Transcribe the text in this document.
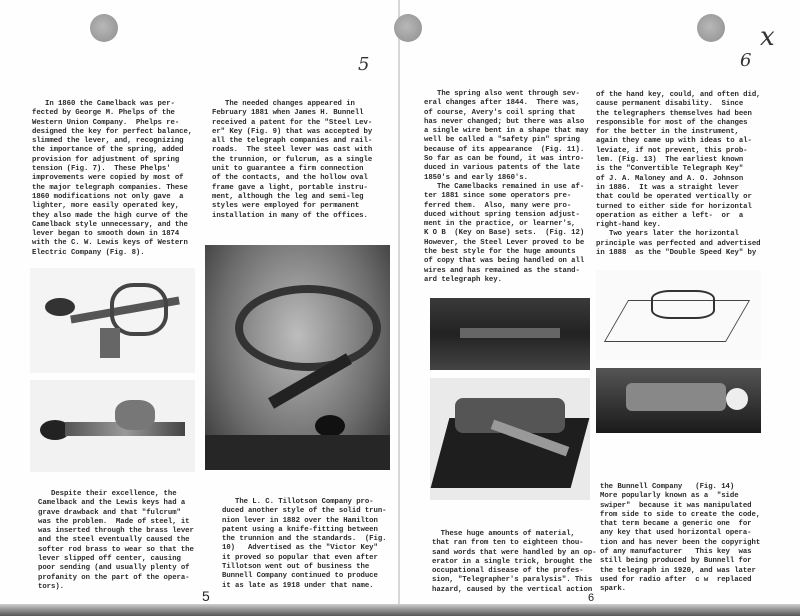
5	6
x
In 1860 the Camelback was per-
fected by George M. Phelps of the
Western Union Company.  Phelps re-
designed the key for perfect balance,
slimmed the lever, and, recognizing
the importance of the spring, added
provision for adjustment of spring
tension (Fig. 7).  These Phelps'
improvements were copied by most of
the major telegraph companies. These
1860 modifications not only gave  a
lighter, more easily operated key,
they also made the high curve of the
Camelback style unnecessary, and the
lever began to smooth down in 1874
with the C. W. Lewis keys of Western
Electric Company (Fig. 8).
The needed changes appeared in
February 1881 when James H. Bunnell
received a patent for the "Steel Lev-
er" Key (Fig. 9) that was accepted by
all the telegraph companies and rail-
roads.  The steel lever was cast with
the trunnion, or fulcrum, as a single
unit to guarantee a firm connection
of the contacts, and the hollow oval
frame gave a light, portable instru-
ment, although the leg and semi-leg
styles were employed for permanent
installation in many of the offices.
Despite their excellence, the
Camelback and the Lewis keys had a
grave drawback and that "fulcrum"
was the problem.  Made of steel, it
was inserted through the brass lever
and the steel eventually caused the
softer rod brass to wear so that the
lever slipped off center, causing
poor sending (and usually plenty of
profanity on the part of the opera-
tors).
The L. C. Tillotson Company pro-
duced another style of the solid trun-
nion lever in 1882 over the Hamilton
patent using a knife-fitting between
the trunnion and the standards.  (Fig.
10)   Advertised as the "Victor Key"
it proved so popular that even after
Tillotson went out of business the
Bunnell Company continued to produce
it as late as 1918 under that name.
The spring also went through sev-
eral changes after 1844.  There was,
of course, Avery's coil spring that
has never changed; but there was also
a single wire bent in a shape that may
well be called a "safety pin" spring
because of its appearance  (Fig. 11).
So far as can be found, it was intro-
duced in various patents of the late
1850's and early 1860's.
The Camelbacks remained in use af-
ter 1881 since some operators pre-
ferred them.  Also, many were pro-
duced without spring tension adjust-
ment in the practice, or learner's,
K O B  (Key on Base) sets.  (Fig. 12)
However, the Steel Lever proved to be
the best style for the huge amounts
of copy that was being handled on all
wires and has remained as the stand-
ard telegraph key.
of the hand key, could, and often did,
cause permanent disability.  Since
the telegraphers themselves had been
responsible for most of the changes
for the better in the instrument,
again they came up with ideas to al-
leviate, if not prevent, this prob-
lem. (Fig. 13)  The earliest known
is the "Convertible Telegraph Key"
of J. A. Maloney and A. O. Johnson
in 1886.  It was a straight lever
that could be operated vertically or
turned to either side for horizontal
operation as either a left-  or  a
right-hand key.
Two years later the horizontal
principle was perfected and advertised
in 1888  as the "Double Speed Key" by
These huge amounts of material,
that ran from ten to eighteen thou-
sand words that were handled by an op-
erator in a single trick, brought the
occupational disease of the profes-
sion, "Telegrapher's paralysis". This
hazard, caused by the vertical action
the Bunnell Company   (Fig. 14)
More popularly known as a  "side
swiper"  because it was manipulated
from side to side to create the code,
that term became a generic one  for
any key that used horizontal opera-
tion and has never been the copyright
of any manufacturer   This key  was
still being produced by Bunnell for
the telegraph in 1920, and was later
used for radio after  c w  replaced
spark.
5	6
